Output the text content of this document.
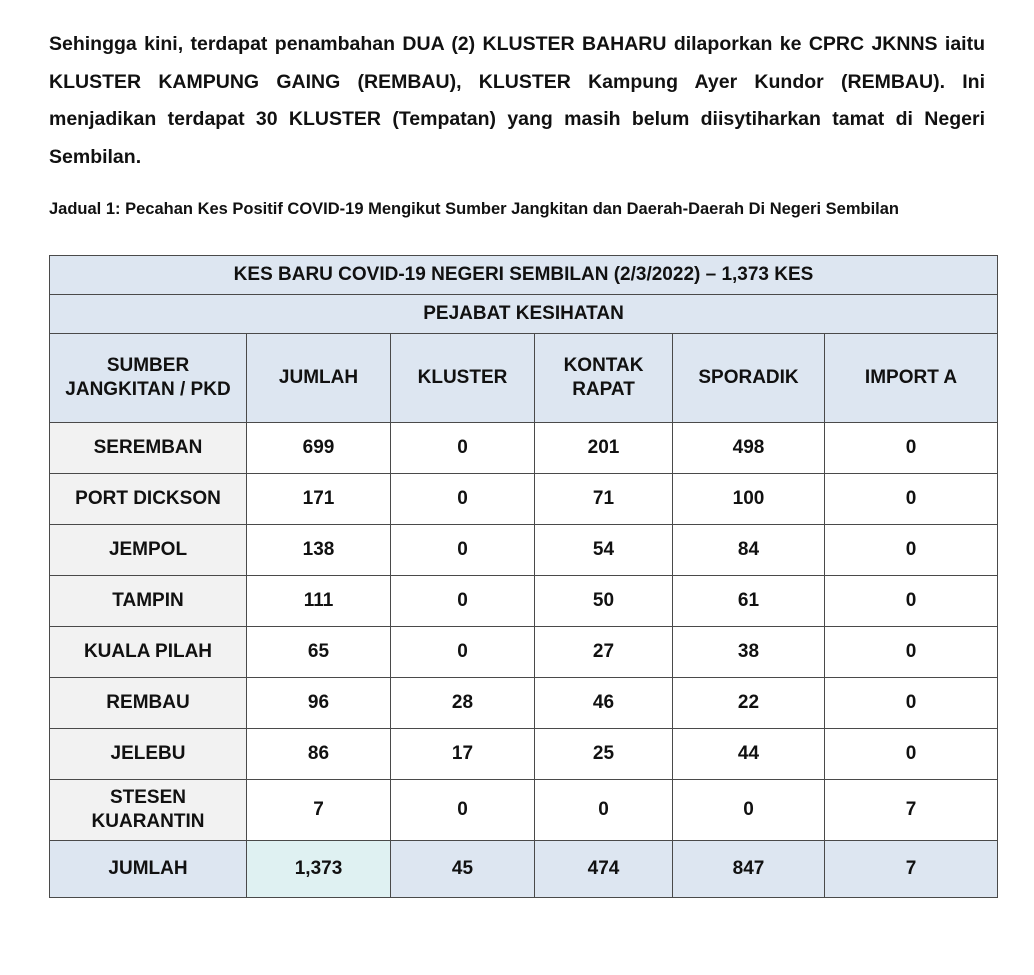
Sehingga kini, terdapat penambahan DUA (2) KLUSTER BAHARU dilaporkan ke CPRC JKNNS iaitu KLUSTER KAMPUNG GAING (REMBAU), KLUSTER Kampung Ayer Kundor (REMBAU). Ini menjadikan terdapat 30 KLUSTER (Tempatan) yang masih belum diisytiharkan tamat di Negeri Sembilan.

Jadual 1: Pecahan Kes Positif COVID-19 Mengikut Sumber Jangkitan dan Daerah-Daerah Di Negeri Sembilan

KES BARU COVID-19 NEGERI SEMBILAN (2/3/2022) – 1,373 KES					
PEJABAT KESIHATAN					
SUMBER JANGKITAN / PKD	JUMLAH	KLUSTER	KONTAK RAPAT	SPORADIK	IMPORT A
SEREMBAN	699	0	201	498	0
PORT DICKSON	171	0	71	100	0
JEMPOL	138	0	54	84	0
TAMPIN	111	0	50	61	0
KUALA PILAH	65	0	27	38	0
REMBAU	96	28	46	22	0
JELEBU	86	17	25	44	0
STESEN KUARANTIN	7	0	0	0	7
JUMLAH	1,373	45	474	847	7
